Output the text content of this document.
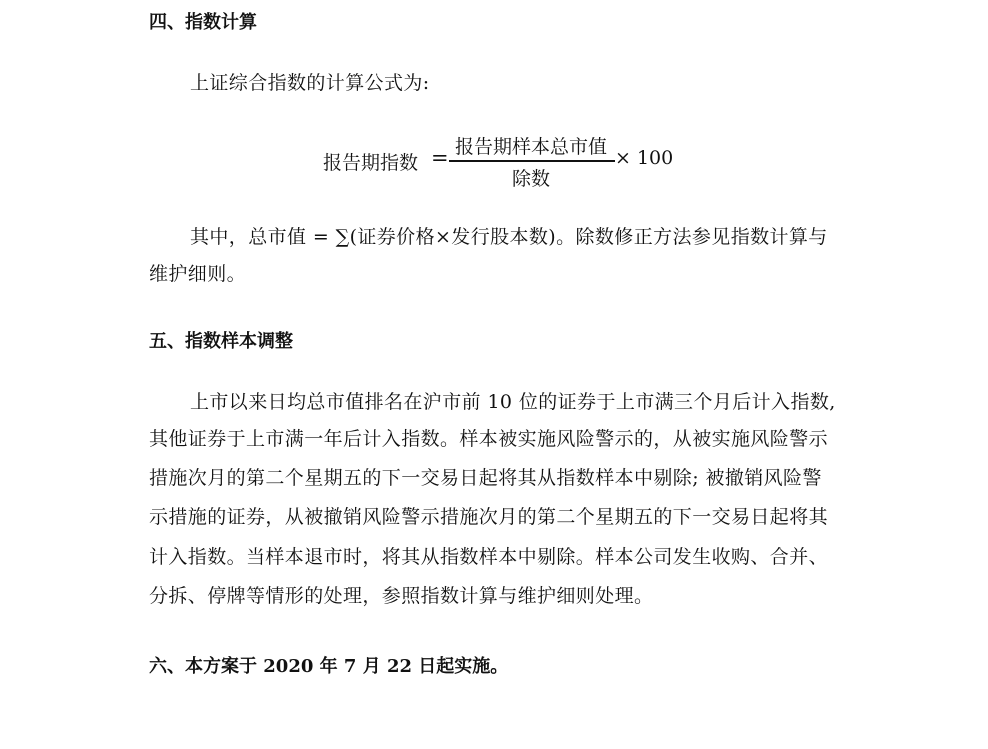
四、指数计算
上证综合指数的计算公式为:
报告期指数 = 报告期样本总市值
除数
× 100
其中，总市值 = ∑(证券价格×发行股本数)。除数修正方法参见指数计算与
维护细则。
五、指数样本调整
上市以来日均总市值排名在沪市前 10 位的证券于上市满三个月后计入指数,
其他证券于上市满一年后计入指数。样本被实施风险警示的，从被实施风险警示
措施次月的第二个星期五的下一交易日起将其从指数样本中剔除; 被撤销风险警
示措施的证券，从被撤销风险警示措施次月的第二个星期五的下一交易日起将其
计入指数。当样本退市时，将其从指数样本中剔除。样本公司发生收购、合并、
分拆、停牌等情形的处理，参照指数计算与维护细则处理。
六、本方案于 2020 年 7 月 22 日起实施。
